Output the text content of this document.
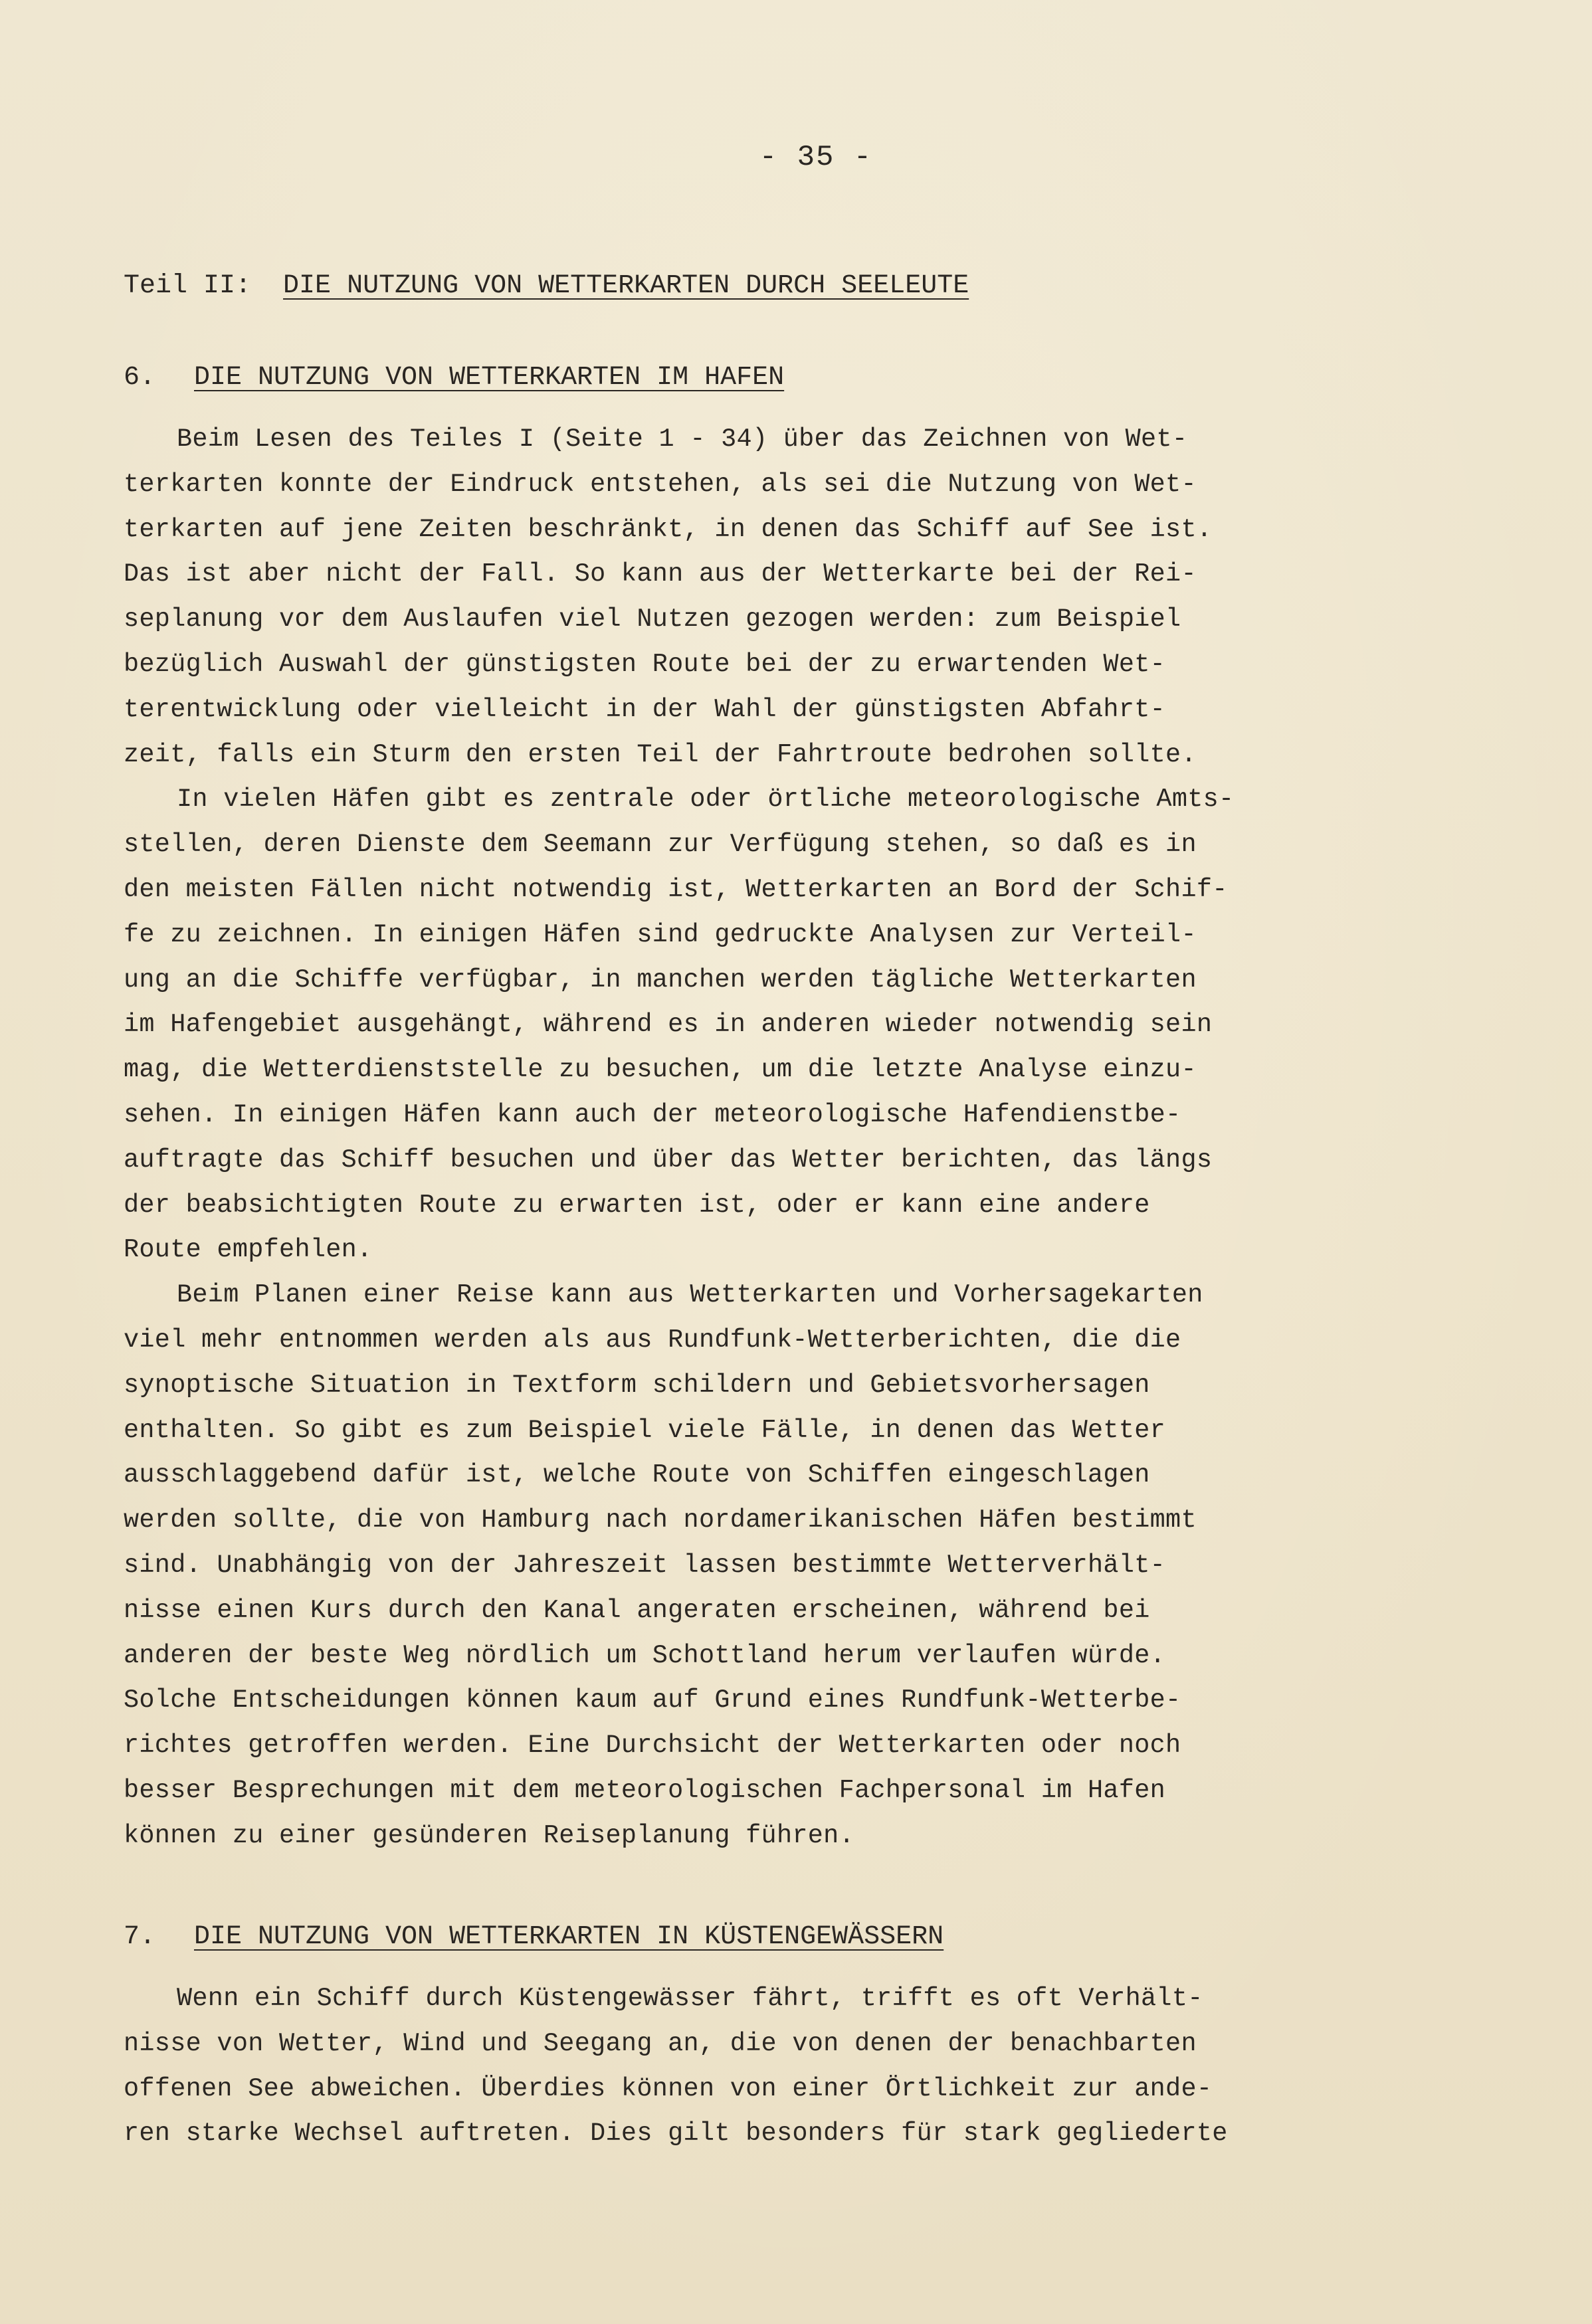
- 35 -
Teil II: DIE NUTZUNG VON WETTERKARTEN DURCH SEELEUTE
6. DIE NUTZUNG VON WETTERKARTEN IM HAFEN
Beim Lesen des Teiles I (Seite 1 - 34) über das Zeichnen von Wet-
terkarten konnte der Eindruck entstehen, als sei die Nutzung von Wet-
terkarten auf jene Zeiten beschränkt, in denen das Schiff auf See ist.
Das ist aber nicht der Fall. So kann aus der Wetterkarte bei der Rei-
seplanung vor dem Auslaufen viel Nutzen gezogen werden: zum Beispiel
bezüglich Auswahl der günstigsten Route bei der zu erwartenden Wet-
terentwicklung oder vielleicht in der Wahl der günstigsten Abfahrt-
zeit, falls ein Sturm den ersten Teil der Fahrtroute bedrohen sollte.
In vielen Häfen gibt es zentrale oder örtliche meteorologische Amts-
stellen, deren Dienste dem Seemann zur Verfügung stehen, so daß es in
den meisten Fällen nicht notwendig ist, Wetterkarten an Bord der Schif-
fe zu zeichnen. In einigen Häfen sind gedruckte Analysen zur Verteil-
ung an die Schiffe verfügbar, in manchen werden tägliche Wetterkarten
im Hafengebiet ausgehängt, während es in anderen wieder notwendig sein
mag, die Wetterdienststelle zu besuchen, um die letzte Analyse einzu-
sehen. In einigen Häfen kann auch der meteorologische Hafendienstbe-
auftragte das Schiff besuchen und über das Wetter berichten, das längs
der beabsichtigten Route zu erwarten ist, oder er kann eine andere
Route empfehlen.
Beim Planen einer Reise kann aus Wetterkarten und Vorhersagekarten
viel mehr entnommen werden als aus Rundfunk-Wetterberichten, die die
synoptische Situation in Textform schildern und Gebietsvorhersagen
enthalten. So gibt es zum Beispiel viele Fälle, in denen das Wetter
ausschlaggebend dafür ist, welche Route von Schiffen eingeschlagen
werden sollte, die von Hamburg nach nordamerikanischen Häfen bestimmt
sind. Unabhängig von der Jahreszeit lassen bestimmte Wetterverhält-
nisse einen Kurs durch den Kanal angeraten erscheinen, während bei
anderen der beste Weg nördlich um Schottland herum verlaufen würde.
Solche Entscheidungen können kaum auf Grund eines Rundfunk-Wetterbe-
richtes getroffen werden. Eine Durchsicht der Wetterkarten oder noch
besser Besprechungen mit dem meteorologischen Fachpersonal im Hafen
können zu einer gesünderen Reiseplanung führen.
7. DIE NUTZUNG VON WETTERKARTEN IN KÜSTENGEWÄSSERN
Wenn ein Schiff durch Küstengewässer fährt, trifft es oft Verhält-
nisse von Wetter, Wind und Seegang an, die von denen der benachbarten
offenen See abweichen. Überdies können von einer Örtlichkeit zur ande-
ren starke Wechsel auftreten. Dies gilt besonders für stark gegliederte
